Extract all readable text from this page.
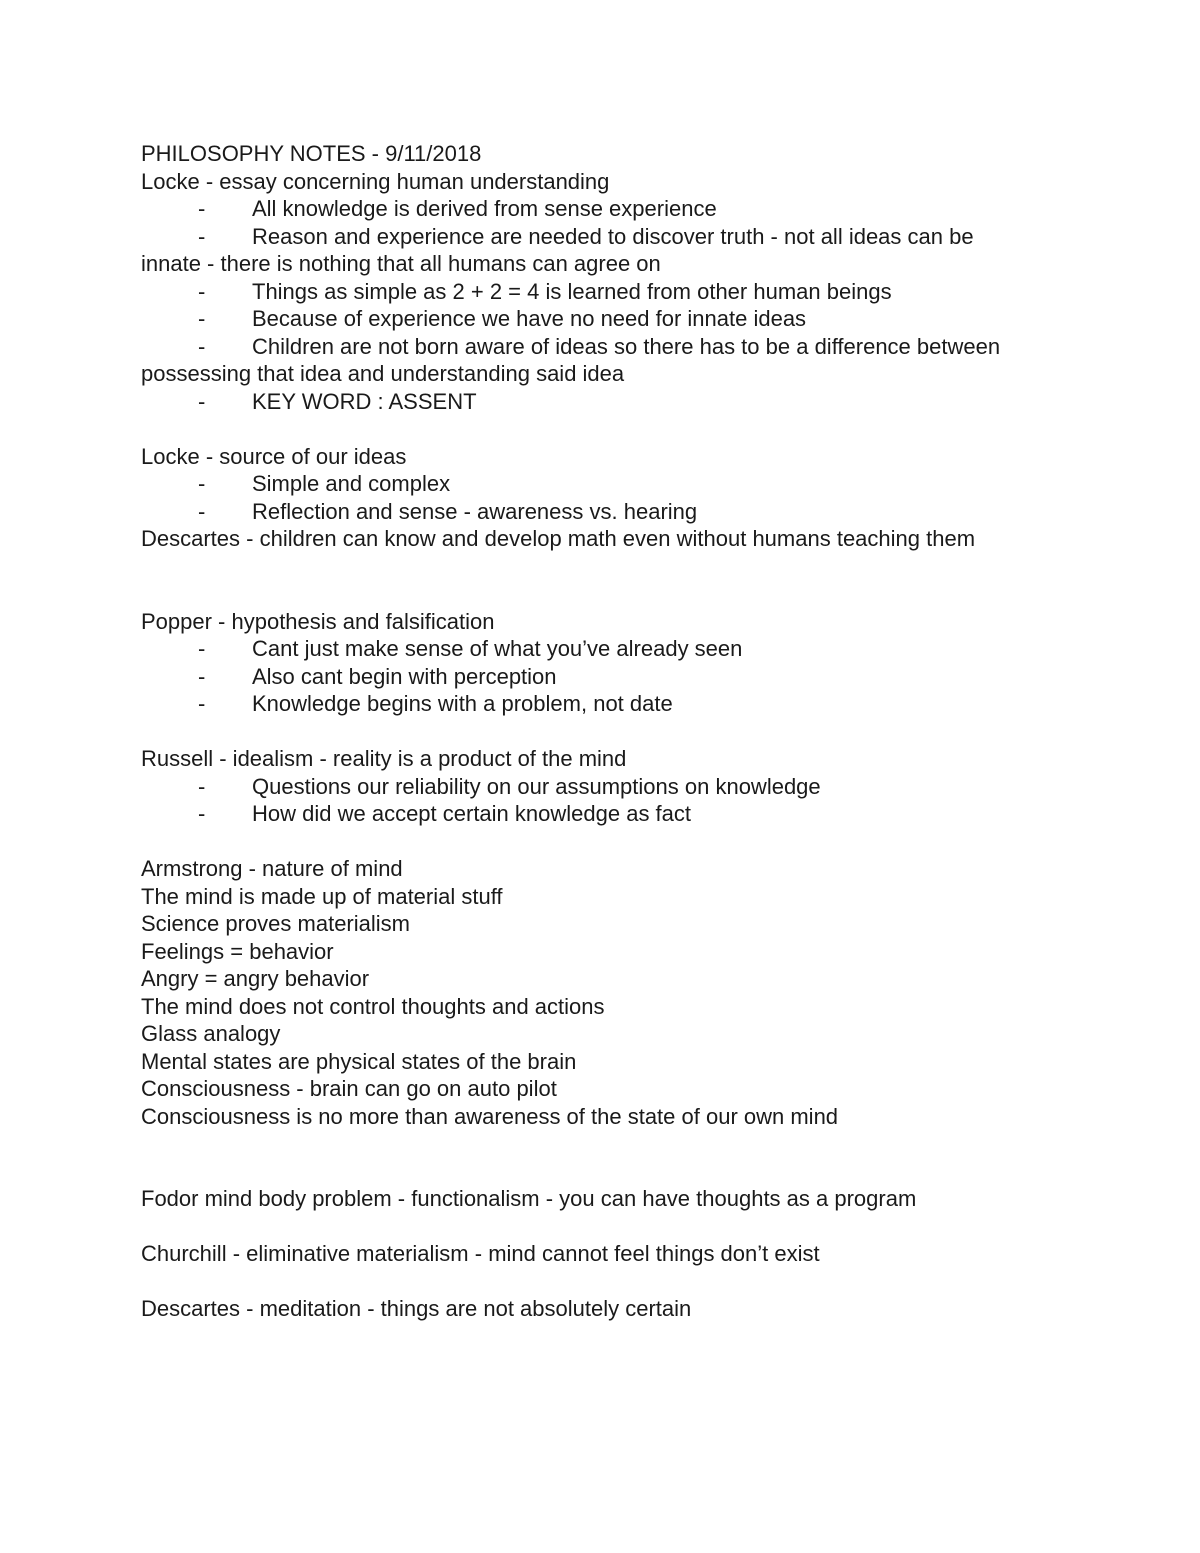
PHILOSOPHY NOTES - 9/11/2018
Locke - essay concerning human understanding
- All knowledge is derived from sense experience
- Reason and experience are needed to discover truth - not all ideas can be
innate - there is nothing that all humans can agree on
- Things as simple as 2 + 2 = 4 is learned from other human beings
- Because of experience we have no need for innate ideas
- Children are not born aware of ideas so there has to be a difference between
possessing that idea and understanding said idea
- KEY WORD : ASSENT
Locke - source of our ideas
- Simple and complex
- Reflection and sense - awareness vs. hearing
Descartes - children can know and develop math even without humans teaching them
Popper - hypothesis and falsification
- Cant just make sense of what you’ve already seen
- Also cant begin with perception
- Knowledge begins with a problem, not date
Russell - idealism - reality is a product of the mind
- Questions our reliability on our assumptions on knowledge
- How did we accept certain knowledge as fact
Armstrong - nature of mind
The mind is made up of material stuff
Science proves materialism
Feelings = behavior
Angry = angry behavior
The mind does not control thoughts and actions
Glass analogy
Mental states are physical states of the brain
Consciousness - brain can go on auto pilot
Consciousness is no more than awareness of the state of our own mind
Fodor mind body problem - functionalism - you can have thoughts as a program
Churchill - eliminative materialism - mind cannot feel things don’t exist
Descartes - meditation - things are not absolutely certain
